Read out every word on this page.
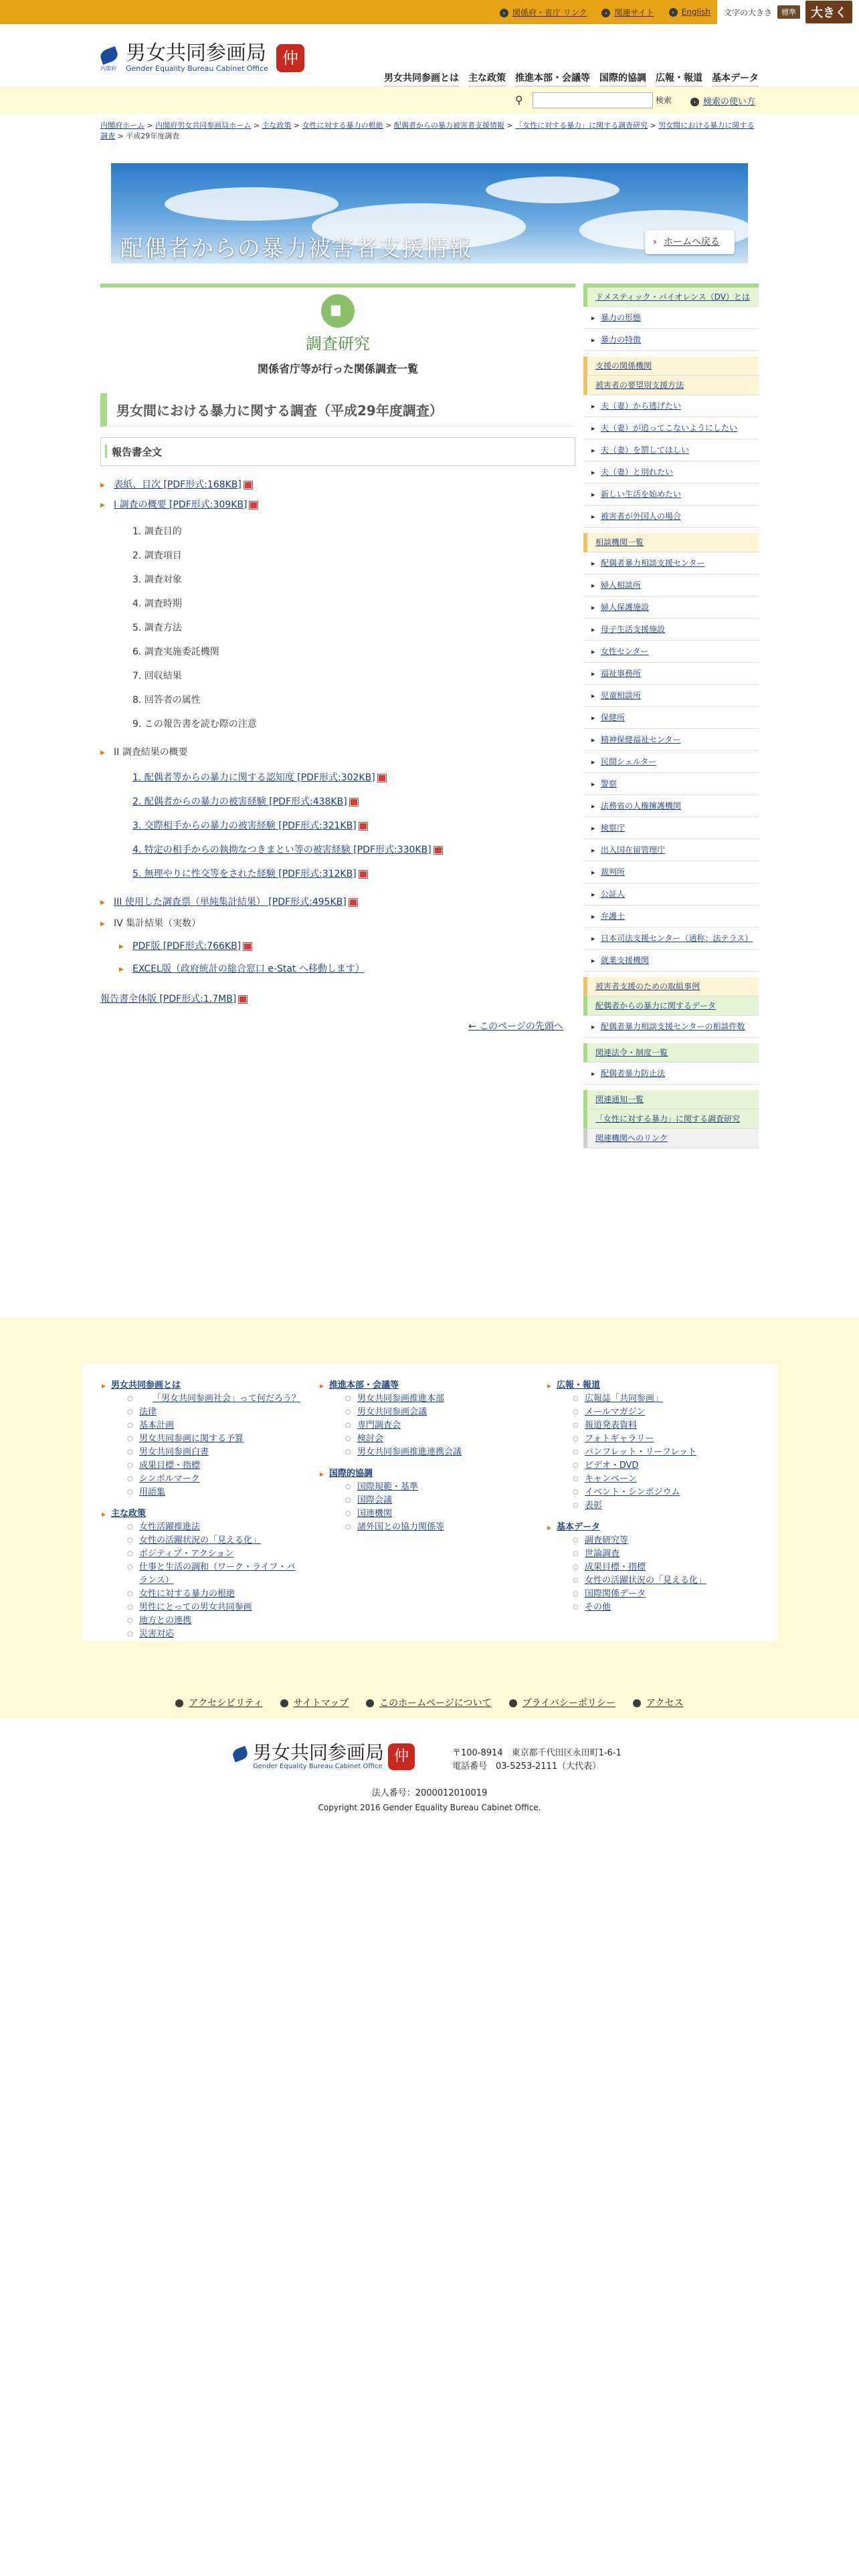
› 関係府・省庁 リンク	› 関連サイト	› English 文字の大きさ	標準	大きく
内閣府
男女共同参画局
Gender Equality Bureau Cabinet Office
仲
男女共同参画とは 主な政策 推進本部・会議等 国際的協調 広報・報道 基本データ
⚲	検索	› 検索の使い方
内閣府ホーム > 内閣府男女共同参画局ホーム > 主な政策 > 女性に対する暴力の根絶 > 配偶者からの暴力被害者支援情報 > 「女性に対する暴力」に関する調査研究 > 男女間における暴力に関する調査 > 平成29年度調査
配偶者からの暴力被害者支援情報	› ホームへ戻る
▆
調査研究
関係省庁等が行った関係調査一覧
男女間における暴力に関する調査（平成29年度調査）
報告書全文
▶ 表紙、目次 [PDF形式:168KB]
▶ I 調査の概要 [PDF形式:309KB]
1. 調査目的
2. 調査項目
3. 調査対象
4. 調査時期
5. 調査方法
6. 調査実施委託機関
7. 回収結果
8. 回答者の属性
9. この報告書を読む際の注意
▶ II 調査結果の概要
1. 配偶者等からの暴力に関する認知度 [PDF形式:302KB]
2. 配偶者からの暴力の被害経験 [PDF形式:438KB]
3. 交際相手からの暴力の被害経験 [PDF形式:321KB]
4. 特定の相手からの執拗なつきまとい等の被害経験 [PDF形式:330KB]
5. 無理やりに性交等をされた経験 [PDF形式:312KB]
▶ III 使用した調査票（単純集計結果） [PDF形式:495KB]
▶ IV 集計結果（実数）
▶ PDF版 [PDF形式:766KB]
▶ EXCEL版（政府統計の総合窓口 e-Stat へ移動します）
報告書全体版 [PDF形式:1.7MB]
← このページの先頭へ
ドメスティック・バイオレンス（DV）とは
▶ 暴力の形態
▶ 暴力の特徴
支援の関係機関
被害者の要望別支援方法
▶ 夫（妻）から逃げたい
▶ 夫（妻）が追ってこないようにしたい
▶ 夫（妻）を罰してほしい
▶ 夫（妻）と別れたい
▶ 新しい生活を始めたい
▶ 被害者が外国人の場合
相談機関一覧
▶ 配偶者暴力相談支援センター
▶ 婦人相談所
▶ 婦人保護施設
▶ 母子生活支援施設
▶ 女性センター
▶ 福祉事務所
▶ 児童相談所
▶ 保健所
▶ 精神保健福祉センター
▶ 民間シェルター
▶ 警察
▶ 法務省の人権擁護機関
▶ 検察庁
▶ 出入国在留管理庁
▶ 裁判所
▶ 公証人
▶ 弁護士
▶ 日本司法支援センター（通称：法テラス）
▶ 就業支援機関
被害者支援のための取組事例
配偶者からの暴力に関するデータ
▶ 配偶者暴力相談支援センターの相談件数
関連法令・制度一覧
▶ 配偶者暴力防止法
関連通知一覧
「女性に対する暴力」に関する調査研究
関連機関へのリンク
▶ 男女共同参画とは
○ 「男女共同参画社会」って何だろう？
○ 法律
○ 基本計画
○ 男女共同参画に関する予算
○ 男女共同参画白書
○ 成果目標・指標
○ シンボルマーク
○ 用語集
▶ 主な政策
○ 女性活躍推進法
○ 女性の活躍状況の「見える化」
○ ポジティブ・アクション
○ 仕事と生活の調和（ワーク・ライフ・バランス）
○ 女性に対する暴力の根絶
○ 男性にとっての男女共同参画
○ 地方との連携
○ 災害対応
▶ 推進本部・会議等
○ 男女共同参画推進本部
○ 男女共同参画会議
○ 専門調査会
○ 検討会
○ 男女共同参画推進連携会議
▶ 国際的協調
○ 国際規範・基準
○ 国際会議
○ 国連機関
○ 諸外国との協力関係等
▶ 広報・報道
○ 広報誌「共同参画」
○ メールマガジン
○ 報道発表資料
○ フォトギャラリー
○ パンフレット・リーフレット
○ ビデオ・DVD
○ キャンペーン
○ イベント・シンポジウム
○ 表彰
▶ 基本データ
○ 調査研究等
○ 世論調査
○ 成果目標・指標
○ 女性の活躍状況の「見える化」
○ 国際関係データ
○ その他
アクセシビリティ	サイトマップ	このホームページについて	プライバシーポリシー	アクセス
男女共同参画局
Gender Equality Bureau Cabinet Office
仲	〒100-8914　東京都千代田区永田町1-6-1
電話番号　03-5253-2111（大代表）
法人番号：2000012010019
Copyright 2016 Gender Equality Bureau Cabinet Office.
